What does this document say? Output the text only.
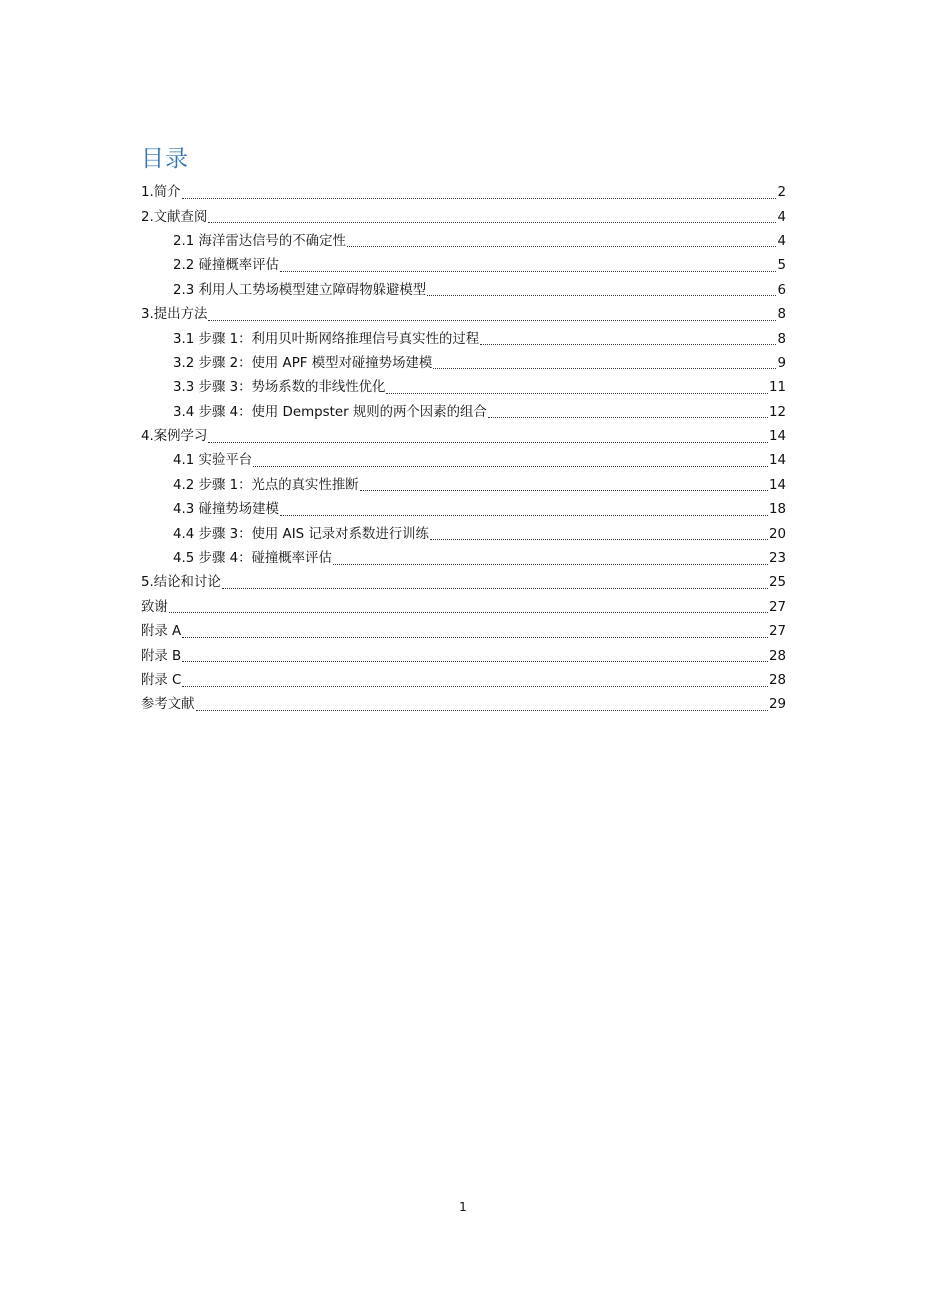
目录
1.简介	2
2.文献查阅	4
2.1 海洋雷达信号的不确定性	4
2.2 碰撞概率评估	5
2.3 利用人工势场模型建立障碍物躲避模型	6
3.提出方法	8
3.1 步骤 1：利用贝叶斯网络推理信号真实性的过程	8
3.2 步骤 2：使用 APF 模型对碰撞势场建模	9
3.3 步骤 3：势场系数的非线性优化	11
3.4 步骤 4：使用 Dempster 规则的两个因素的组合	12
4.案例学习	14
4.1 实验平台	14
4.2 步骤 1：光点的真实性推断	14
4.3 碰撞势场建模	18
4.4 步骤 3：使用 AIS 记录对系数进行训练	20
4.5 步骤 4：碰撞概率评估	23
5.结论和讨论	25
致谢	27
附录 A	27
附录 B	28
附录 C	28
参考文献	29
1
